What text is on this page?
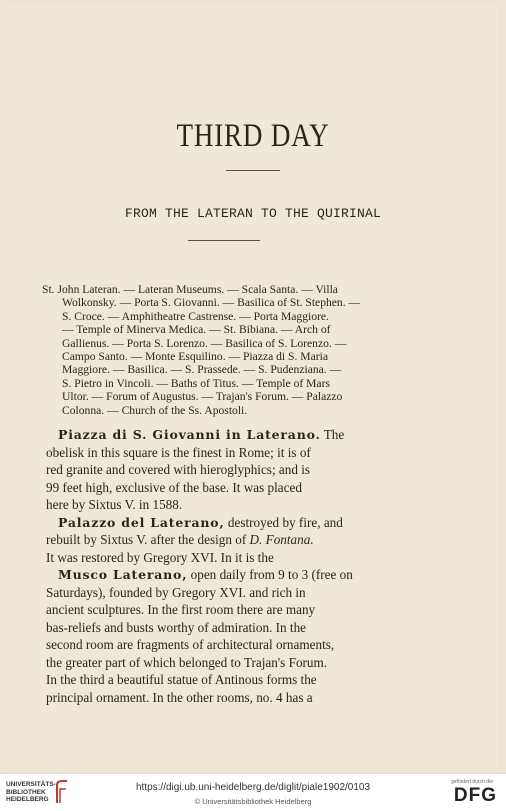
THIRD DAY
FROM THE LATERAN TO THE QUIRINAL
St. John Lateran. — Lateran Museums. — Scala Santa. — Villa
Wolkonsky. — Porta S. Giovanni. — Basilica of St. Stephen. —
S. Croce. — Amphitheatre Castrense. — Porta Maggiore.
— Temple of Minerva Medica. — St. Bibiana. — Arch of
Gallienus. — Porta S. Lorenzo. — Basilica of S. Lorenzo. —
Campo Santo. — Monte Esquilino. — Piazza di S. Maria
Maggiore. — Basilica. — S. Prassede. — S. Pudenziana. —
S. Pietro in Vincoli. — Baths of Titus. — Temple of Mars
Ultor. — Forum of Augustus. — Trajan's Forum. — Palazzo
Colonna. — Church of the Ss. Apostoli.
Piazza di S. Giovanni in Laterano. The
obelisk in this square is the finest in Rome; it is of
red granite and covered with hieroglyphics; and is
99 feet high, exclusive of the base. It was placed
here by Sixtus V. in 1588.
Palazzo del Laterano, destroyed by fire, and
rebuilt by Sixtus V. after the design of D. Fontana.
It was restored by Gregory XVI. In it is the
Musco Laterano, open daily from 9 to 3 (free on
Saturdays), founded by Gregory XVI. and rich in
ancient sculptures. In the first room there are many
bas-reliefs and busts worthy of admiration. In the
second room are fragments of architectural ornaments,
the greater part of which belonged to Trajan's Forum.
In the third a beautiful statue of Antinous forms the
principal ornament. In the other rooms, no. 4 has a
UNIVERSITÄTS-
BIBLIOTHEK
HEIDELBERG
https://digi.ub.uni-heidelberg.de/diglit/piale1902/0103
© Universitätsbibliothek Heidelberg
gefördert durch die
DFG
